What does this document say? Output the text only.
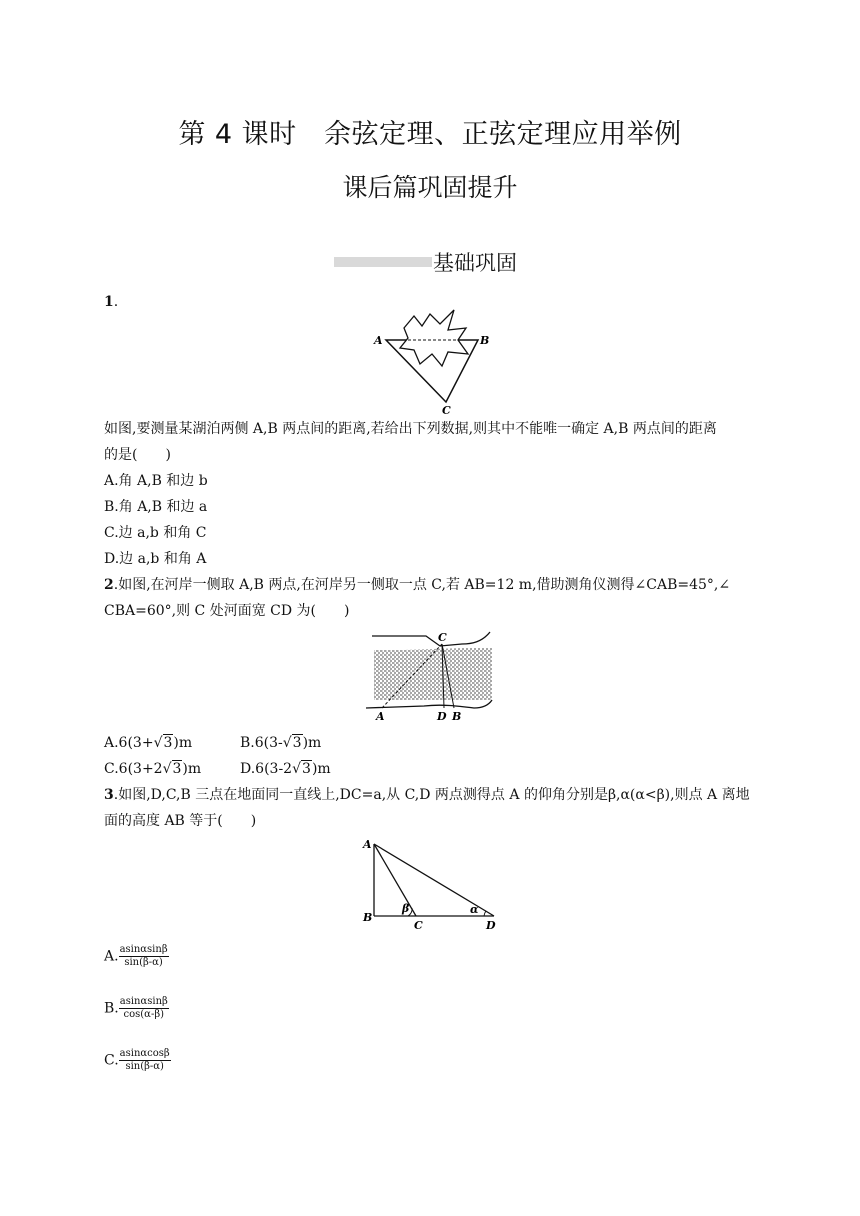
第 4 课时　余弦定理、正弦定理应用举例
课后篇巩固提升
基础巩固
1.
A	B
C
如图,要测量某湖泊两侧 A,B 两点间的距离,若给出下列数据,则其中不能唯一确定 A,B 两点间的距离
的是(　　)
A.角 A,B 和边 b
B.角 A,B 和边 a
C.边 a,b 和角 C
D.边 a,b 和角 A
2.如图,在河岸一侧取 A,B 两点,在河岸另一侧取一点 C,若 AB=12 m,借助测角仪测得∠CAB=45°,∠
CBA=60°,则 C 处河面宽 CD 为(　　)
C
A	D B
A.6(3+√3)m	B.6(3-√3)m
C.6(3+2√3)m	D.6(3-2√3)m
3.如图,D,C,B 三点在地面同一直线上,DC=a,从 C,D 两点测得点 A 的仰角分别是β,α(α<β),则点 A 离地
面的高度 AB 等于(　　)
A
B
C	D
β	α
A. $\frac{asin\alpha\sin\beta}{\sin(\beta-\alpha)}$
B. $\frac{asin\alpha\sin\beta}{\cos(\alpha-\beta)}$
C. $\frac{asin\alpha\cos\beta}{\sin(\beta-\alpha)}$
